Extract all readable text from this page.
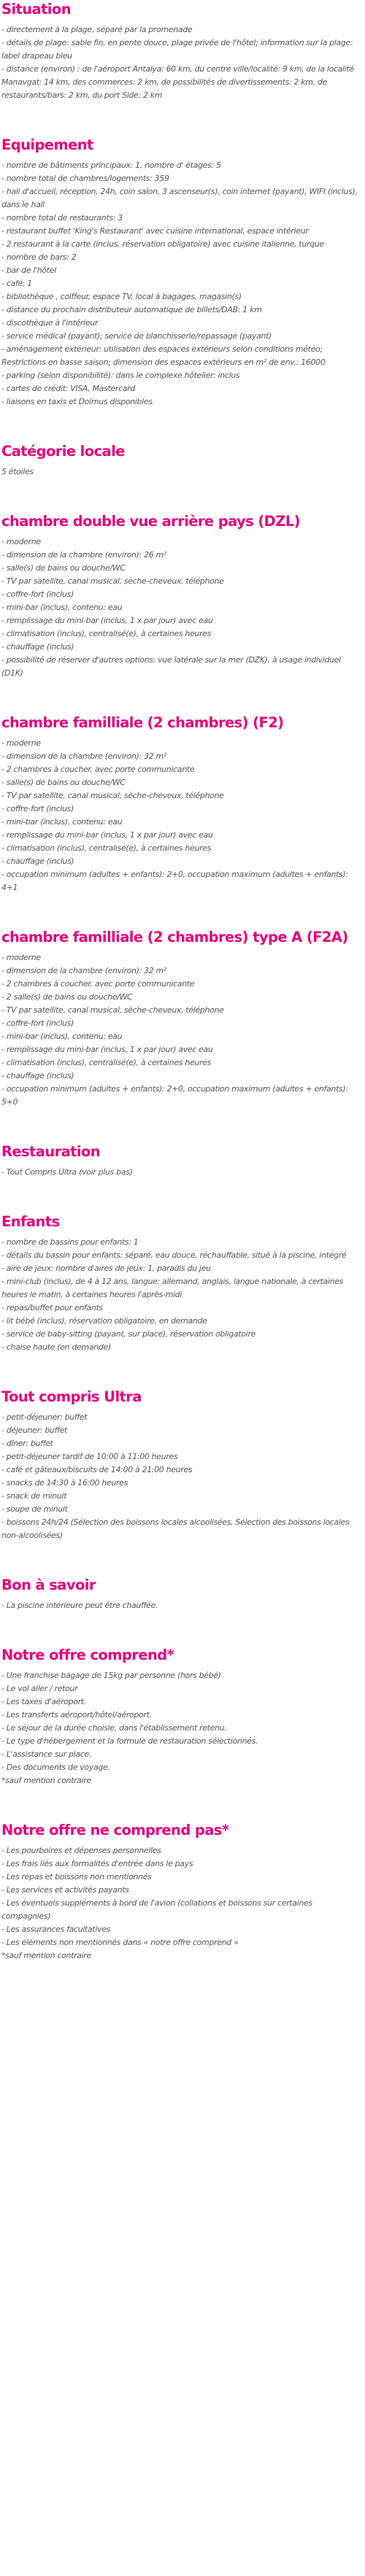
Situation
- directement à la plage, séparé par la promenade
- détails de plage: sable fin, en pente douce, plage privée de l'hôtel; information sur la plage: label drapeau bleu
- distance (environ) : de l'aéroport Antalya: 60 km, du centre ville/localité: 9 km, de la localité Manavgat: 14 km, des commerces: 2 km, de possibilités de divertissements: 2 km, de restaurants/bars: 2 km, du port Side: 2 km
Equipement
- nombre de bâtiments principaux: 1, nombre d' étages: 5
- nombre total de chambres/logements: 359
- hall d'accueil, réception, 24h, coin salon, 3 ascenseur(s), coin internet (payant), WIFI (inclus), dans le hall
- nombre total de restaurants: 3
- restaurant buffet 'King's Restaurant' avec cuisine international, espace intérieur
- 2 restaurant à la carte (inclus, réservation obligatoire) avec cuisine italienne, turque
- nombre de bars: 2
- bar de l'hôtel
- café: 1
- bibliothèque , coiffeur, espace TV, local à bagages, magasin(s)
- distance du prochain distributeur automatique de billets/DAB: 1 km
- discothèque à l'intérieur
- service médical (payant); service de blanchisserie/repassage (payant)
- aménagement extérieur: utilisation des espaces extérieurs selon conditions météo; Restrictions en basse saison; dimension des espaces extérieurs en m² de env.: 16000
- parking (selon disponibilité): dans le complexe hôtelier: inclus
- cartes de crédit: VISA, Mastercard
- liaisons en taxis et Dolmus disponibles.
Catégorie locale
5 étoiles
chambre double vue arrière pays (DZL)
- moderne
- dimension de la chambre (environ): 26 m²
- salle(s) de bains ou douche/WC
- TV par satellite, canal musical, sèche-cheveux, téléphone
- coffre-fort (inclus)
- mini-bar (inclus), contenu: eau
- remplissage du mini-bar (inclus, 1 x par jour) avec eau
- climatisation (inclus), centralisé(e), à certaines heures
- chauffage (inclus)
- possibilité de réserver d'autres options: vue latérale sur la mer (DZK), à usage individuel (D1K)
chambre familliale (2 chambres) (F2)
- moderne
- dimension de la chambre (environ): 32 m²
- 2 chambres à coucher, avec porte communicante
- salle(s) de bains ou douche/WC
- TV par satellite, canal musical, sèche-cheveux, téléphone
- coffre-fort (inclus)
- mini-bar (inclus), contenu: eau
- remplissage du mini-bar (inclus, 1 x par jour) avec eau
- climatisation (inclus), centralisé(e), à certaines heures
- chauffage (inclus)
- occupation minimum (adultes + enfants): 2+0, occupation maximum (adultes + enfants): 4+1
chambre familliale (2 chambres) type A (F2A)
- moderne
- dimension de la chambre (environ): 32 m²
- 2 chambres à coucher, avec porte communicante
- 2 salle(s) de bains ou douche/WC
- TV par satellite, canal musical, sèche-cheveux, téléphone
- coffre-fort (inclus)
- mini-bar (inclus), contenu: eau
- remplissage du mini-bar (inclus, 1 x par jour) avec eau
- climatisation (inclus), centralisé(e), à certaines heures
- chauffage (inclus)
- occupation minimum (adultes + enfants): 2+0, occupation maximum (adultes + enfants): 5+0
Restauration
- Tout Compris Ultra (voir plus bas)
Enfants
- nombre de bassins pour enfants: 1
- détails du bassin pour enfants: séparé, eau douce, réchauffable, situé à la piscine, intégré
- aire de jeux: nombre d'aires de jeux: 1, paradis du jeu
- mini-club (inclus), de 4 à 12 ans, langue: allemand, anglais, langue nationale, à certaines heures le matin, à certaines heures l'après-midi
- repas/buffet pour enfants
- lit bébé (inclus), réservation obligatoire, en demande
- service de baby-sitting (payant, sur place), réservation obligatoire
- chaise haute (en demande)
Tout compris Ultra
- petit-déjeuner: buffet
- déjeuner: buffet
- dîner: buffet
- petit-déjeuner tardif de 10:00 à 11:00 heures
- café et gâteaux/biscuits de 14:00 à 21:00 heures
- snacks de 14:30 à 16:00 heures
- snack de minuit
- soupe de minuit
- boissons 24h/24 (Sélection des boissons locales alcoolisées, Sélection des boissons locales non-alcoolisées)
Bon à savoir
- La piscine intérieure peut être chauffée.
Notre offre comprend*
- Une franchise bagage de 15kg par personne (hors bébé)
- Le vol aller / retour
- Les taxes d'aéroport.
- Les transferts aéroport/hôtel/aéroport.
- Le séjour de la durée choisie, dans l'établissement retenu.
- Le type d'hébergement et la formule de restauration sélectionnés.
- L'assistance sur place.
- Des documents de voyage.
*sauf mention contraire
Notre offre ne comprend pas*
- Les pourboires et dépenses personnelles
- Les frais liés aux formalités d'entrée dans le pays
- Les repas et boissons non mentionnés
- Les services et activités payants
- Les éventuels suppléments à bord de l'avion (collations et boissons sur certaines compagnies)
- Les assurances facultatives
- Les éléments non mentionnés dans « notre offre comprend »
*sauf mention contraire
